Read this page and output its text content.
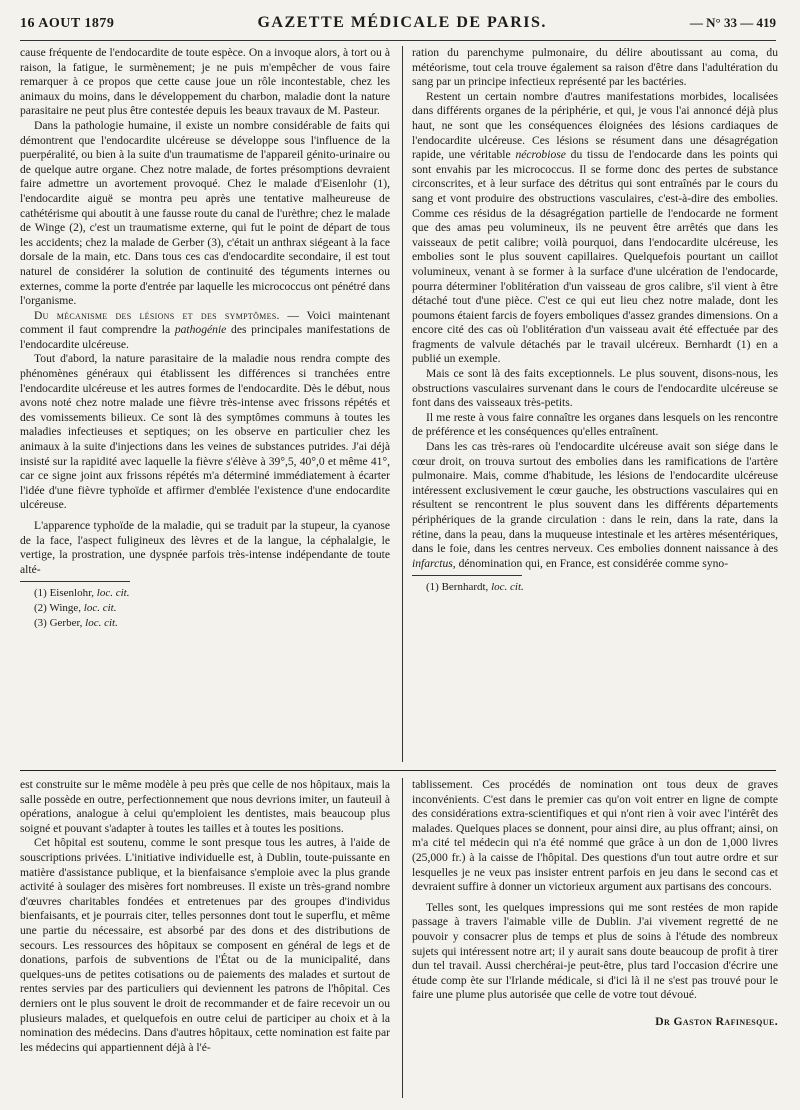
16 AOUT 1879	GAZETTE MÉDICALE DE PARIS.	— N° 33 — 419

cause fréquente de l'endocardite de toute espèce. On a invoque alors, à tort ou à raison, la fatigue, le surmènement; je ne puis m'empêcher de vous faire remarquer à ce propos que cette cause joue un rôle incontestable, chez les animaux du moins, dans le développement du charbon, maladie dont la nature parasitaire ne peut plus être contestée depuis les beaux travaux de M. Pasteur.

Dans la pathologie humaine, il existe un nombre considérable de faits qui démontrent que l'endocardite ulcéreuse se développe sous l'influence de la puerpéralité, ou bien à la suite d'un traumatisme de l'appareil génito-urinaire ou de quelque autre organe. Chez notre malade, de fortes présomptions devraient faire admettre un avortement provoqué. Chez le malade d'Eisenlohr (1), l'endocardite aiguë se montra peu après une tentative malheureuse de cathétérisme qui aboutit à une fausse route du canal de l'urèthre; chez le malade de Winge (2), c'est un traumatisme externe, qui fut le point de départ de tous les accidents; chez la malade de Gerber (3), c'était un anthrax siégeant à la face dorsale de la main, etc. Dans tous ces cas d'endocardite secondaire, il est tout naturel de considérer la solution de continuité des téguments internes ou externes, comme la porte d'entrée par laquelle les micrococcus ont pénétré dans l'organisme.

Du mécanisme des lésions et des symptômes. — Voici maintenant comment il faut comprendre la pathogénie des principales manifestations de l'endocardite ulcéreuse.

Tout d'abord, la nature parasitaire de la maladie nous rendra compte des phénomènes généraux qui établissent les différences si tranchées entre l'endocardite ulcéreuse et les autres formes de l'endocardite. Dès le début, nous avons noté chez notre malade une fièvre très-intense avec frissons répétés et des vomissements bilieux. Ce sont là des symptômes communs à toutes les maladies infectieuses et septiques; on les observe en particulier chez les animaux à la suite d'injections dans les veines de substances putrides. J'ai déjà insisté sur la rapidité avec laquelle la fièvre s'élève à 39°,5, 40°,0 et même 41°, car ce signe joint aux frissons répétés m'a déterminé immédiatement à écarter l'idée d'une fièvre typhoïde et affirmer d'emblée l'existence d'une endocardite ulcéreuse.

L'apparence typhoïde de la maladie, qui se traduit par la stupeur, la cyanose de la face, l'aspect fuligineux des lèvres et de la langue, la céphalalgie, le vertige, la prostration, une dyspnée parfois très-intense indépendante de toute alté-

(1) Eisenlohr, loc. cit.

(2) Winge, loc. cit.

(3) Gerber, loc. cit.

ration du parenchyme pulmonaire, du délire aboutissant au coma, du météorisme, tout cela trouve également sa raison d'être dans l'adultération du sang par un principe infectieux représenté par les bactéries.

Restent un certain nombre d'autres manifestations morbides, localisées dans différents organes de la périphérie, et qui, je vous l'ai annoncé déjà plus haut, ne sont que les conséquences éloignées des lésions cardiaques de l'endocardite ulcéreuse. Ces lésions se résument dans une désagrégation rapide, une véritable nécrobiose du tissu de l'endocarde dans les points qui sont envahis par les micrococcus. Il se forme donc des pertes de substance circonscrites, et à leur surface des détritus qui sont entraînés par le cours du sang et vont produire des obstructions vasculaires, c'est-à-dire des embolies. Comme ces résidus de la désagrégation partielle de l'endocarde ne forment que des amas peu volumineux, ils ne peuvent être arrêtés que dans les vaisseaux de petit calibre; voilà pourquoi, dans l'endocardite ulcéreuse, les embolies sont le plus souvent capillaires. Quelquefois pourtant un caillot volumineux, venant à se former à la surface d'une ulcération de l'endocarde, pourra déterminer l'oblitération d'un vaisseau de gros calibre, s'il vient à être détaché tout d'une pièce. C'est ce qui eut lieu chez notre malade, dont les poumons étaient farcis de foyers emboliques d'assez grandes dimensions. On a encore cité des cas où l'oblitération d'un vaisseau avait été effectuée par des fragments de valvule détachés par le travail ulcéreux. Bernhardt (1) en a publié un exemple.

Mais ce sont là des faits exceptionnels. Le plus souvent, disons-nous, les obstructions vasculaires survenant dans le cours de l'endocardite ulcéreuse se font dans des vaisseaux très-petits.

Il me reste à vous faire connaître les organes dans lesquels on les rencontre de préférence et les conséquences qu'elles entraînent.

Dans les cas très-rares où l'endocardite ulcéreuse avait son siége dans le cœur droit, on trouva surtout des embolies dans les ramifications de l'artère pulmonaire. Mais, comme d'habitude, les lésions de l'endocardite ulcéreuse intéressent exclusivement le cœur gauche, les obstructions vasculaires qui en résultent se rencontrent le plus souvent dans les différents départements périphériques de la grande circulation : dans le rein, dans la rate, dans la rétine, dans la peau, dans la muqueuse intestinale et les artères mésentériques, dans le foie, dans les centres nerveux. Ces embolies donnent naissance à des infarctus, dénomination qui, en France, est considérée comme syno-

(1) Bernhardt, loc. cit.

est construite sur le même modèle à peu près que celle de nos hôpitaux, mais la salle possède en outre, perfectionnement que nous devrions imiter, un fauteuil à opérations, analogue à celui qu'emploient les dentistes, mais beaucoup plus soigné et pouvant s'adapter à toutes les tailles et à toutes les positions.

Cet hôpital est soutenu, comme le sont presque tous les autres, à l'aide de souscriptions privées. L'initiative individuelle est, à Dublin, toute-puissante en matière d'assistance publique, et la bienfaisance s'emploie avec la plus grande activité à soulager des misères fort nombreuses. Il existe un très-grand nombre d'œuvres charitables fondées et entretenues par des groupes d'individus bienfaisants, et je pourrais citer, telles personnes dont tout le superflu, et même une partie du nécessaire, est absorbé par des dons et des distributions de secours. Les ressources des hôpitaux se composent en général de legs et de donations, parfois de subventions de l'État ou de la municipalité, dans quelques-uns de petites cotisations ou de paiements des malades et surtout de rentes servies par des particuliers qui deviennent les patrons de l'hôpital. Ces derniers ont le plus souvent le droit de recommander et de faire recevoir un ou plusieurs malades, et quelquefois en outre celui de participer au choix et à la nomination des médecins. Dans d'autres hôpitaux, cette nomination est faite par les médecins qui appartiennent déjà à l'é-

tablissement. Ces procédés de nomination ont tous deux de graves inconvénients. C'est dans le premier cas qu'on voit entrer en ligne de compte des considérations extra-scientifiques et qui n'ont rien à voir avec l'intérêt des malades. Quelques places se donnent, pour ainsi dire, au plus offrant; ainsi, on m'a cité tel médecin qui n'a été nommé que grâce à un don de 1,000 livres (25,000 fr.) à la caisse de l'hôpital. Des questions d'un tout autre ordre et sur lesquelles je ne veux pas insister entrent parfois en jeu dans le second cas et devraient suffire à donner un victorieux argument aux partisans des concours.

Telles sont, les quelques impressions qui me sont restées de mon rapide passage à travers l'aimable ville de Dublin. J'ai vivement regretté de ne pouvoir y consacrer plus de temps et plus de soins à l'étude des nombreux sujets qui intéressent notre art; il y aurait sans doute beaucoup de profit à tirer dun tel travail. Aussi cherchérai-je peut-être, plus tard l'occasion d'écrire une étude comp ète sur l'Irlande médicale, si d'ici là il ne s'est pas trouvé pour le faire une plume plus autorisée que celle de votre tout dévoué.

Dr Gaston Rafinesque.
